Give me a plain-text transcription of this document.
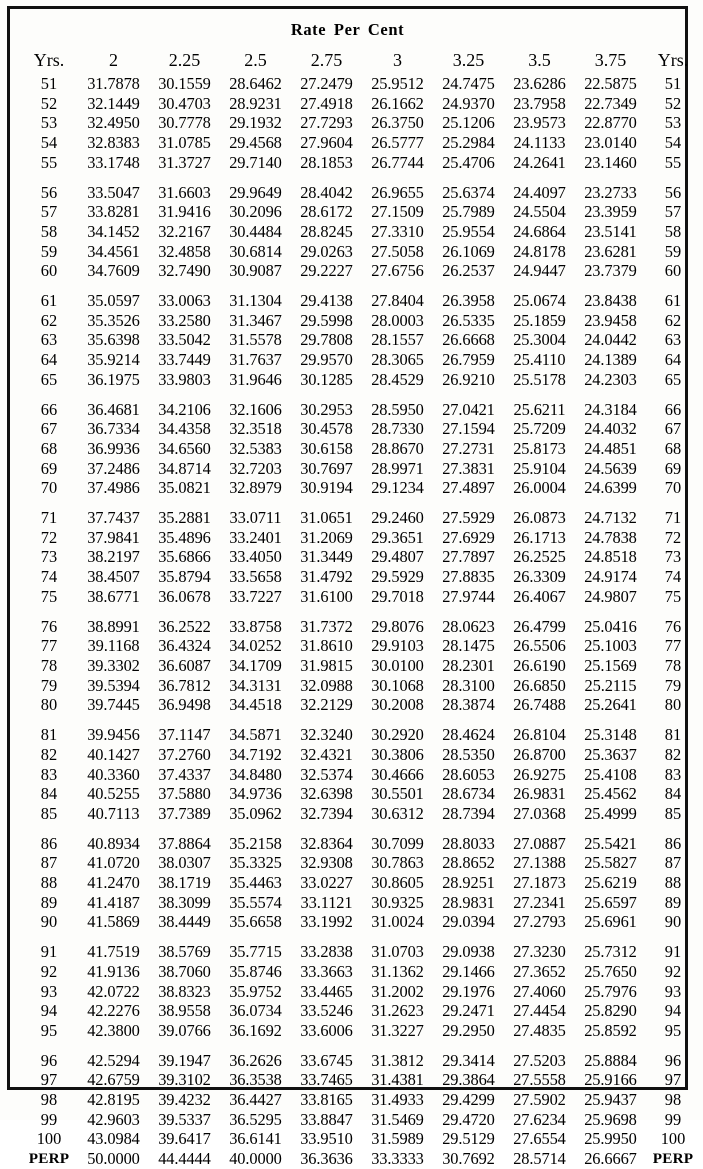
Rate Per Cent
Yrs.	2	2.25	2.5	2.75	3	3.25	3.5	3.75	Yrs.
51	31.7878	30.1559	28.6462	27.2479	25.9512	24.7475	23.6286	22.5875	51
52	32.1449	30.4703	28.9231	27.4918	26.1662	24.9370	23.7958	22.7349	52
53	32.4950	30.7778	29.1932	27.7293	26.3750	25.1206	23.9573	22.8770	53
54	32.8383	31.0785	29.4568	27.9604	26.5777	25.2984	24.1133	23.0140	54
55	33.1748	31.3727	29.7140	28.1853	26.7744	25.4706	24.2641	23.1460	55

56	33.5047	31.6603	29.9649	28.4042	26.9655	25.6374	24.4097	23.2733	56
57	33.8281	31.9416	30.2096	28.6172	27.1509	25.7989	24.5504	23.3959	57
58	34.1452	32.2167	30.4484	28.8245	27.3310	25.9554	24.6864	23.5141	58
59	34.4561	32.4858	30.6814	29.0263	27.5058	26.1069	24.8178	23.6281	59
60	34.7609	32.7490	30.9087	29.2227	27.6756	26.2537	24.9447	23.7379	60

61	35.0597	33.0063	31.1304	29.4138	27.8404	26.3958	25.0674	23.8438	61
62	35.3526	33.2580	31.3467	29.5998	28.0003	26.5335	25.1859	23.9458	62
63	35.6398	33.5042	31.5578	29.7808	28.1557	26.6668	25.3004	24.0442	63
64	35.9214	33.7449	31.7637	29.9570	28.3065	26.7959	25.4110	24.1389	64
65	36.1975	33.9803	31.9646	30.1285	28.4529	26.9210	25.5178	24.2303	65

66	36.4681	34.2106	32.1606	30.2953	28.5950	27.0421	25.6211	24.3184	66
67	36.7334	34.4358	32.3518	30.4578	28.7330	27.1594	25.7209	24.4032	67
68	36.9936	34.6560	32.5383	30.6158	28.8670	27.2731	25.8173	24.4851	68
69	37.2486	34.8714	32.7203	30.7697	28.9971	27.3831	25.9104	24.5639	69
70	37.4986	35.0821	32.8979	30.9194	29.1234	27.4897	26.0004	24.6399	70

71	37.7437	35.2881	33.0711	31.0651	29.2460	27.5929	26.0873	24.7132	71
72	37.9841	35.4896	33.2401	31.2069	29.3651	27.6929	26.1713	24.7838	72
73	38.2197	35.6866	33.4050	31.3449	29.4807	27.7897	26.2525	24.8518	73
74	38.4507	35.8794	33.5658	31.4792	29.5929	27.8835	26.3309	24.9174	74
75	38.6771	36.0678	33.7227	31.6100	29.7018	27.9744	26.4067	24.9807	75

76	38.8991	36.2522	33.8758	31.7372	29.8076	28.0623	26.4799	25.0416	76
77	39.1168	36.4324	34.0252	31.8610	29.9103	28.1475	26.5506	25.1003	77
78	39.3302	36.6087	34.1709	31.9815	30.0100	28.2301	26.6190	25.1569	78
79	39.5394	36.7812	34.3131	32.0988	30.1068	28.3100	26.6850	25.2115	79
80	39.7445	36.9498	34.4518	32.2129	30.2008	28.3874	26.7488	25.2641	80

81	39.9456	37.1147	34.5871	32.3240	30.2920	28.4624	26.8104	25.3148	81
82	40.1427	37.2760	34.7192	32.4321	30.3806	28.5350	26.8700	25.3637	82
83	40.3360	37.4337	34.8480	32.5374	30.4666	28.6053	26.9275	25.4108	83
84	40.5255	37.5880	34.9736	32.6398	30.5501	28.6734	26.9831	25.4562	84
85	40.7113	37.7389	35.0962	32.7394	30.6312	28.7394	27.0368	25.4999	85

86	40.8934	37.8864	35.2158	32.8364	30.7099	28.8033	27.0887	25.5421	86
87	41.0720	38.0307	35.3325	32.9308	30.7863	28.8652	27.1388	25.5827	87
88	41.2470	38.1719	35.4463	33.0227	30.8605	28.9251	27.1873	25.6219	88
89	41.4187	38.3099	35.5574	33.1121	30.9325	28.9831	27.2341	25.6597	89
90	41.5869	38.4449	35.6658	33.1992	31.0024	29.0394	27.2793	25.6961	90

91	41.7519	38.5769	35.7715	33.2838	31.0703	29.0938	27.3230	25.7312	91
92	41.9136	38.7060	35.8746	33.3663	31.1362	29.1466	27.3652	25.7650	92
93	42.0722	38.8323	35.9752	33.4465	31.2002	29.1976	27.4060	25.7976	93
94	42.2276	38.9558	36.0734	33.5246	31.2623	29.2471	27.4454	25.8290	94
95	42.3800	39.0766	36.1692	33.6006	31.3227	29.2950	27.4835	25.8592	95

96	42.5294	39.1947	36.2626	33.6745	31.3812	29.3414	27.5203	25.8884	96
97	42.6759	39.3102	36.3538	33.7465	31.4381	29.3864	27.5558	25.9166	97
98	42.8195	39.4232	36.4427	33.8165	31.4933	29.4299	27.5902	25.9437	98
99	42.9603	39.5337	36.5295	33.8847	31.5469	29.4720	27.6234	25.9698	99
100	43.0984	39.6417	36.6141	33.9510	31.5989	29.5129	27.6554	25.9950	100
PERP	50.0000	44.4444	40.0000	36.3636	33.3333	30.7692	28.5714	26.6667	PERP
